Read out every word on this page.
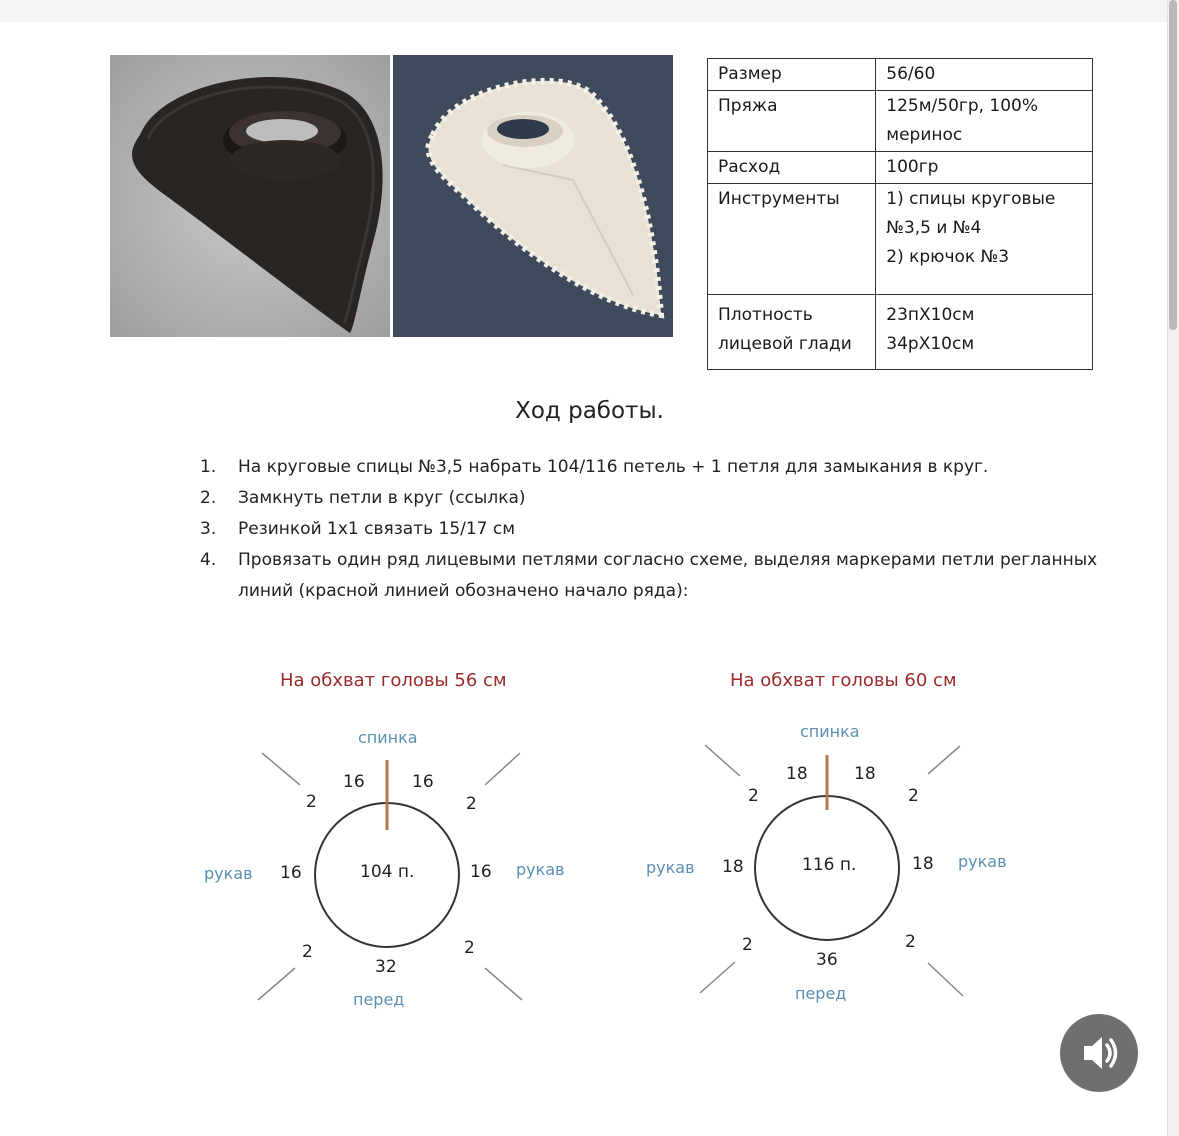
Размер	56/60
Пряжа	125м/50гр, 100% меринос
Расход	100гр
Инструменты	1) спицы круговые №3,5 и №4
2) крючок №3
Плотность лицевой глади	23пХ10см
34рХ10см
Ход работы.
1. На круговые спицы №3,5 набрать 104/116 петель + 1 петля для замыкания в круг.
2. Замкнуть петли в круг (ссылка)
3. Резинкой 1х1 связать 15/17 см
4. Провязать один ряд лицевыми петлями согласно схеме, выделяя маркерами петли регланных линий (красной линией обозначено начало ряда):
На обхват головы 56 см
спинка
16	16
2	2
рукав 16	104 п.	16 рукав
2	2
32
перед
На обхват головы 60 см
спинка
18	18
2	2
рукав 18	116 п.	18 рукав
2	2
36
перед
